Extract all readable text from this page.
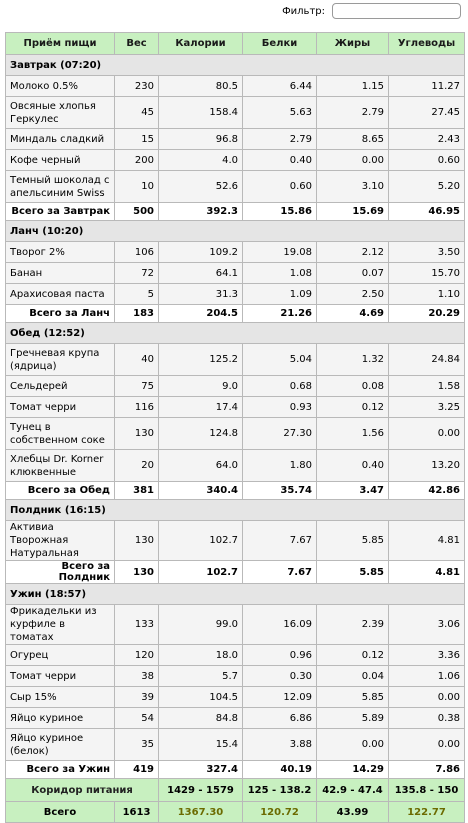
Фильтр:
Приём пищи	Вес	Калории	Белки	Жиры	Углеводы
Завтрак (07:20)					
Молоко 0.5%	230	80.5	6.44	1.15	11.27
Овсяные хлопья Геркулес	45	158.4	5.63	2.79	27.45
Миндаль сладкий	15	96.8	2.79	8.65	2.43
Кофе черный	200	4.0	0.40	0.00	0.60
Темный шоколад с апельсиним Swiss	10	52.6	0.60	3.10	5.20
Всего за Завтрак	500	392.3	15.86	15.69	46.95
Ланч (10:20)					
Творог 2%	106	109.2	19.08	2.12	3.50
Банан	72	64.1	1.08	0.07	15.70
Арахисовая паста	5	31.3	1.09	2.50	1.10
Всего за Ланч	183	204.5	21.26	4.69	20.29
Обед (12:52)					
Гречневая крупа (ядрица)	40	125.2	5.04	1.32	24.84
Сельдерей	75	9.0	0.68	0.08	1.58
Томат черри	116	17.4	0.93	0.12	3.25
Тунец в собственном соке	130	124.8	27.30	1.56	0.00
Хлебцы Dr. Korner клюквенные	20	64.0	1.80	0.40	13.20
Всего за Обед	381	340.4	35.74	3.47	42.86
Полдник (16:15)					
Активиа Творожная Натуральная	130	102.7	7.67	5.85	4.81
Всего за Полдник	130	102.7	7.67	5.85	4.81
Ужин (18:57)					
Фрикадельки из курфиле в томатах	133	99.0	16.09	2.39	3.06
Огурец	120	18.0	0.96	0.12	3.36
Томат черри	38	5.7	0.30	0.04	1.06
Сыр 15%	39	104.5	12.09	5.85	0.00
Яйцо куриное	54	84.8	6.86	5.89	0.38
Яйцо куриное (белок)	35	15.4	3.88	0.00	0.00
Всего за Ужин	419	327.4	40.19	14.29	7.86
Коридор питания		1429 - 1579	125 - 138.2	42.9 - 47.4	135.8 - 150
Всего	1613	1367.30	120.72	43.99	122.77
